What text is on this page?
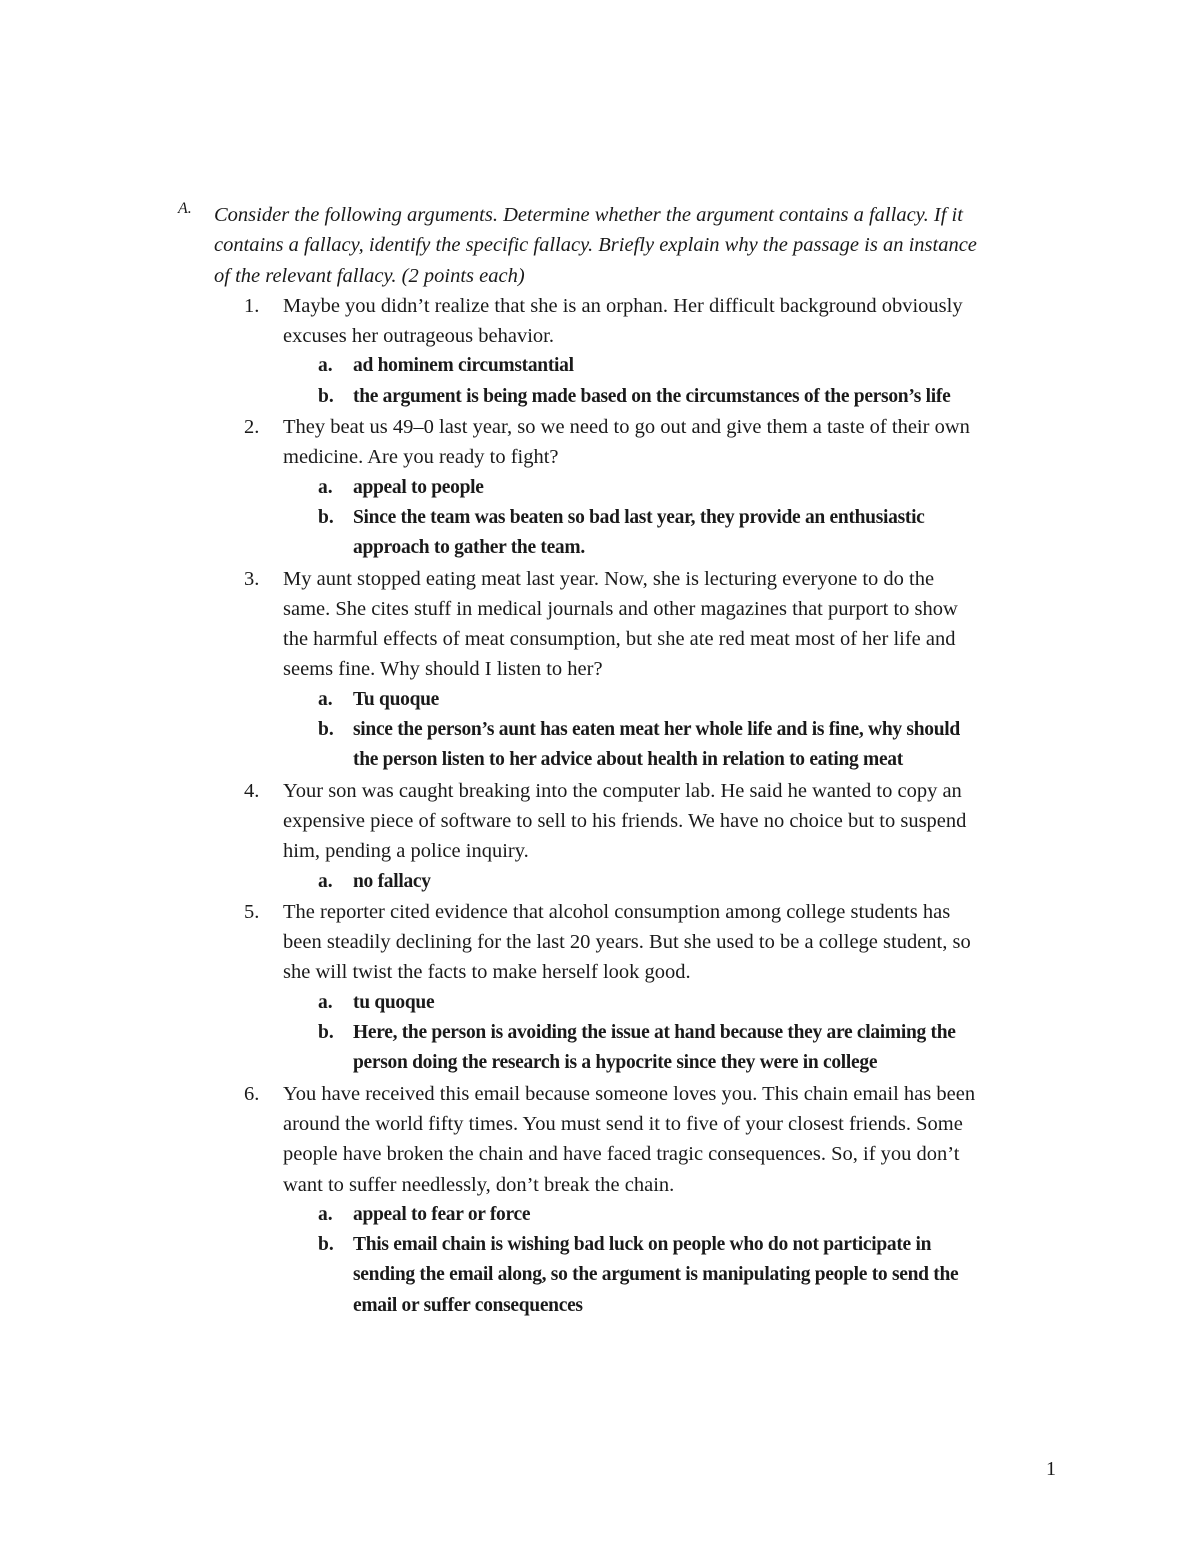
A.	Consider the following arguments. Determine whether the argument contains a fallacy. If it
contains a fallacy, identify the specific fallacy. Briefly explain why the passage is an instance
of the relevant fallacy. (2 points each)
1.	Maybe you didn’t realize that she is an orphan. Her difficult background obviously
excuses her outrageous behavior.
a.	ad hominem circumstantial
b. the argument is being made based on the circumstances of the person’s life
2.	They beat us 49–0 last year, so we need to go out and give them a taste of their own
medicine. Are you ready to fight?
a.	appeal to people
b. Since the team was beaten so bad last year, they provide an enthusiastic
approach to gather the team.
3.	My aunt stopped eating meat last year. Now, she is lecturing everyone to do the
same. She cites stuff in medical journals and other magazines that purport to show
the harmful effects of meat consumption, but she ate red meat most of her life and
seems fine. Why should I listen to her?
a.	Tu quoque
b. since the person’s aunt has eaten meat her whole life and is fine, why should
the person listen to her advice about health in relation to eating meat
4.	Your son was caught breaking into the computer lab. He said he wanted to copy an
expensive piece of software to sell to his friends. We have no choice but to suspend
him, pending a police inquiry.
a.	no fallacy
5.	The reporter cited evidence that alcohol consumption among college students has
been steadily declining for the last 20 years. But she used to be a college student, so
she will twist the facts to make herself look good.
a.	tu quoque
b. Here, the person is avoiding the issue at hand because they are claiming the
person doing the research is a hypocrite since they were in college
6.	You have received this email because someone loves you. This chain email has been
around the world fifty times. You must send it to five of your closest friends. Some
people have broken the chain and have faced tragic consequences. So, if you don’t
want to suffer needlessly, don’t break the chain.
a.	appeal to fear or force
b. This email chain is wishing bad luck on people who do not participate in
sending the email along, so the argument is manipulating people to send the
email or suffer consequences
1
